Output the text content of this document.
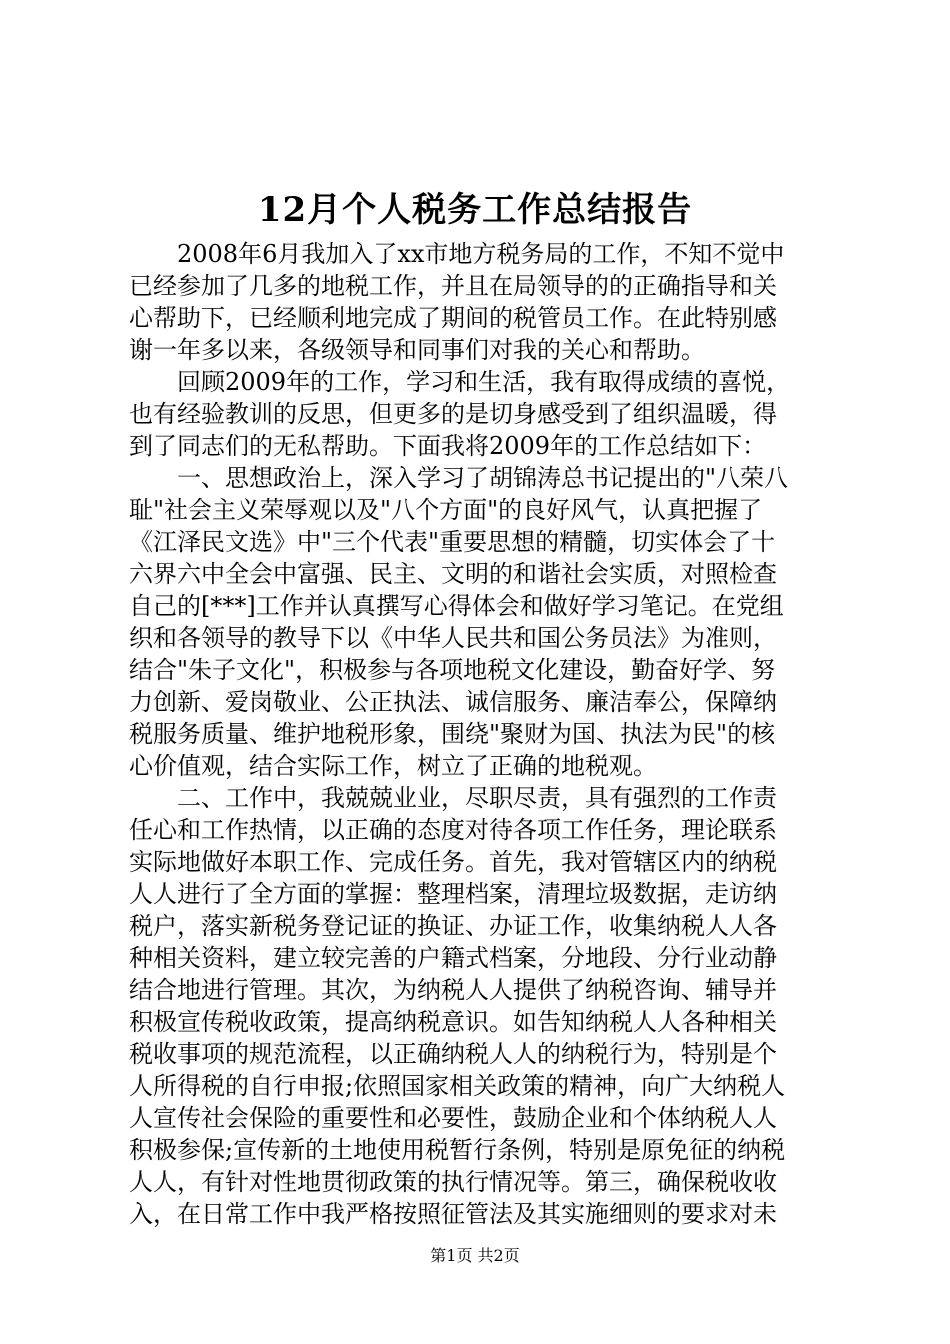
12月个人税务工作总结报告
2008年6月我加入了xx市地方税务局的工作，不知不觉中
已经参加了几多的地税工作，并且在局领导的的正确指导和关
心帮助下，已经顺利地完成了期间的税管员工作。在此特别感
谢一年多以来，各级领导和同事们对我的关心和帮助。
回顾2009年的工作，学习和生活，我有取得成绩的喜悦，
也有经验教训的反思，但更多的是切身感受到了组织温暖，得
到了同志们的无私帮助。下面我将2009年的工作总结如下：
一、思想政治上，深入学习了胡锦涛总书记提出的"八荣八
耻"社会主义荣辱观以及"八个方面"的良好风气，认真把握了
《江泽民文选》中"三个代表"重要思想的精髓，切实体会了十
六界六中全会中富强、民主、文明的和谐社会实质，对照检查
自己的[***]工作并认真撰写心得体会和做好学习笔记。在党组
织和各领导的教导下以《中华人民共和国公务员法》为准则，
结合"朱子文化"，积极参与各项地税文化建设，勤奋好学、努
力创新、爱岗敬业、公正执法、诚信服务、廉洁奉公，保障纳
税服务质量、维护地税形象，围绕"聚财为国、执法为民"的核
心价值观，结合实际工作，树立了正确的地税观。
二、工作中，我兢兢业业，尽职尽责，具有强烈的工作责
任心和工作热情，以正确的态度对待各项工作任务，理论联系
实际地做好本职工作、完成任务。首先，我对管辖区内的纳税
人人进行了全方面的掌握：整理档案，清理垃圾数据，走访纳
税户，落实新税务登记证的换证、办证工作，收集纳税人人各
种相关资料，建立较完善的户籍式档案，分地段、分行业动静
结合地进行管理。其次，为纳税人人提供了纳税咨询、辅导并
积极宣传税收政策，提高纳税意识。如告知纳税人人各种相关
税收事项的规范流程，以正确纳税人人的纳税行为，特别是个
人所得税的自行申报;依照国家相关政策的精神，向广大纳税人
人宣传社会保险的重要性和必要性，鼓励企业和个体纳税人人
积极参保;宣传新的土地使用税暂行条例，特别是原免征的纳税
人人，有针对性地贯彻政策的执行情况等。第三，确保税收收
入，在日常工作中我严格按照征管法及其实施细则的要求对未
第1页 共2页
